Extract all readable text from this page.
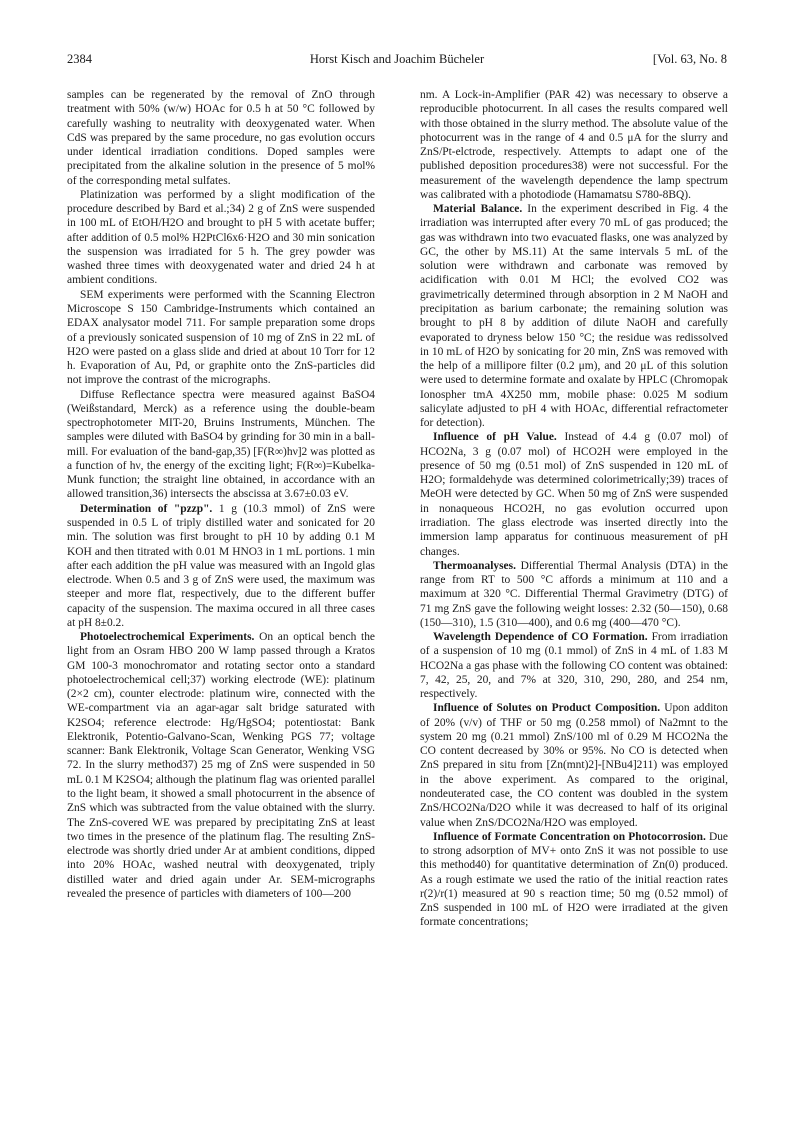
2384	Horst Kisch and Joachim Bücheler	[Vol. 63, No. 8

samples can be regenerated by the removal of ZnO through treatment with 50% (w/w) HOAc for 0.5 h at 50 °C followed by carefully washing to neutrality with deoxygenated water. When CdS was prepared by the same procedure, no gas evolution occurs under identical irradiation conditions. Doped samples were precipitated from the alkaline solution in the presence of 5 mol% of the corresponding metal sulfates.

Platinization was performed by a slight modification of the procedure described by Bard et al.;34) 2 g of ZnS were suspended in 100 mL of EtOH/H2O and brought to pH 5 with acetate buffer; after addition of 0.5 mol% H2PtCl6x6·H2O and 30 min sonication the suspension was irradiated for 5 h. The grey powder was washed three times with deoxygenated water and dried 24 h at ambient conditions.

SEM experiments were performed with the Scanning Electron Microscope S 150 Cambridge-Instruments which contained an EDAX analysator model 711. For sample preparation some drops of a previously sonicated suspension of 10 mg of ZnS in 22 mL of H2O were pasted on a glass slide and dried at about 10 Torr for 12 h. Evaporation of Au, Pd, or graphite onto the ZnS-particles did not improve the contrast of the micrographs.

Diffuse Reflectance spectra were measured against BaSO4 (Weißstandard, Merck) as a reference using the double-beam spectrophotometer MIT-20, Bruins Instruments, München. The samples were diluted with BaSO4 by grinding for 30 min in a ball-mill. For evaluation of the band-gap,35) [F(R∞)hν]2 was plotted as a function of hν, the energy of the exciting light; F(R∞)=Kubelka-Munk function; the straight line obtained, in accordance with an allowed transition,36) intersects the abscissa at 3.67±0.03 eV.

Determination of "pzzp". 1 g (10.3 mmol) of ZnS were suspended in 0.5 L of triply distilled water and sonicated for 20 min. The solution was first brought to pH 10 by adding 0.1 M KOH and then titrated with 0.01 M HNO3 in 1 mL portions. 1 min after each addition the pH value was measured with an Ingold glas electrode. When 0.5 and 3 g of ZnS were used, the maximum was steeper and more flat, respectively, due to the different buffer capacity of the suspension. The maxima occured in all three cases at pH 8±0.2.

Photoelectrochemical Experiments. On an optical bench the light from an Osram HBO 200 W lamp passed through a Kratos GM 100-3 monochromator and rotating sector onto a standard photoelectrochemical cell;37) working electrode (WE): platinum (2×2 cm), counter electrode: platinum wire, connected with the WE-compartment via an agar-agar salt bridge saturated with K2SO4; reference electrode: Hg/HgSO4; potentiostat: Bank Elektronik, Potentio-Galvano-Scan, Wenking PGS 77; voltage scanner: Bank Elektronik, Voltage Scan Generator, Wenking VSG 72. In the slurry method37) 25 mg of ZnS were suspended in 50 mL 0.1 M K2SO4; although the platinum flag was oriented parallel to the light beam, it showed a small photocurrent in the absence of ZnS which was subtracted from the value obtained with the slurry. The ZnS-covered WE was prepared by precipitating ZnS at least two times in the presence of the platinum flag. The resulting ZnS-electrode was shortly dried under Ar at ambient conditions, dipped into 20% HOAc, washed neutral with deoxygenated, triply distilled water and dried again under Ar. SEM-micrographs revealed the presence of particles with diameters of 100—200

nm. A Lock-in-Amplifier (PAR 42) was necessary to observe a reproducible photocurrent. In all cases the results compared well with those obtained in the slurry method. The absolute value of the photocurrent was in the range of 4 and 0.5 μA for the slurry and ZnS/Pt-elctrode, respectively. Attempts to adapt one of the published deposition procedures38) were not successful. For the measurement of the wavelength dependence the lamp spectrum was calibrated with a photodiode (Hamamatsu S780-8BQ).

Material Balance. In the experiment described in Fig. 4 the irradiation was interrupted after every 70 mL of gas produced; the gas was withdrawn into two evacuated flasks, one was analyzed by GC, the other by MS.11) At the same intervals 5 mL of the solution were withdrawn and carbonate was removed by acidification with 0.01 M HCl; the evolved CO2 was gravimetrically determined through absorption in 2 M NaOH and precipitation as barium carbonate; the remaining solution was brought to pH 8 by addition of dilute NaOH and carefully evaporated to dryness below 150 °C; the residue was redissolved in 10 mL of H2O by sonicating for 20 min, ZnS was removed with the help of a millipore filter (0.2 μm), and 20 μL of this solution were used to determine formate and oxalate by HPLC (Chromopak Ionospher tmA 4X250 mm, mobile phase: 0.025 M sodium salicylate adjusted to pH 4 with HOAc, differential refractometer for detection).

Influence of pH Value. Instead of 4.4 g (0.07 mol) of HCO2Na, 3 g (0.07 mol) of HCO2H were employed in the presence of 50 mg (0.51 mol) of ZnS suspended in 120 mL of H2O; formaldehyde was determined colorimetrically;39) traces of MeOH were detected by GC. When 50 mg of ZnS were suspended in nonaqueous HCO2H, no gas evolution occurred upon irradiation. The glass electrode was inserted directly into the immersion lamp apparatus for continuous measurement of pH changes.

Thermoanalyses. Differential Thermal Analysis (DTA) in the range from RT to 500 °C affords a minimum at 110 and a maximum at 320 °C. Differential Thermal Gravimetry (DTG) of 71 mg ZnS gave the following weight losses: 2.32 (50—150), 0.68 (150—310), 1.5 (310—400), and 0.6 mg (400—470 °C).

Wavelength Dependence of CO Formation. From irradiation of a suspension of 10 mg (0.1 mmol) of ZnS in 4 mL of 1.83 M HCO2Na a gas phase with the following CO content was obtained: 7, 42, 25, 20, and 7% at 320, 310, 290, 280, and 254 nm, respectively.

Influence of Solutes on Product Composition. Upon additon of 20% (v/v) of THF or 50 mg (0.258 mmol) of Na2mnt to the system 20 mg (0.21 mmol) ZnS/100 ml of 0.29 M HCO2Na the CO content decreased by 30% or 95%. No CO is detected when ZnS prepared in situ from [Zn(mnt)2]-[NBu4]211) was employed in the above experiment. As compared to the original, nondeuterated case, the CO content was doubled in the system ZnS/HCO2Na/D2O while it was decreased to half of its original value when ZnS/DCO2Na/H2O was employed.

Influence of Formate Concentration on Photocorrosion. Due to strong adsorption of MV+ onto ZnS it was not possible to use this method40) for quantitative determination of Zn(0) produced. As a rough estimate we used the ratio of the initial reaction rates r(2)/r(1) measured at 90 s reaction time; 50 mg (0.52 mmol) of ZnS suspended in 100 mL of H2O were irradiated at the given formate concentrations;
